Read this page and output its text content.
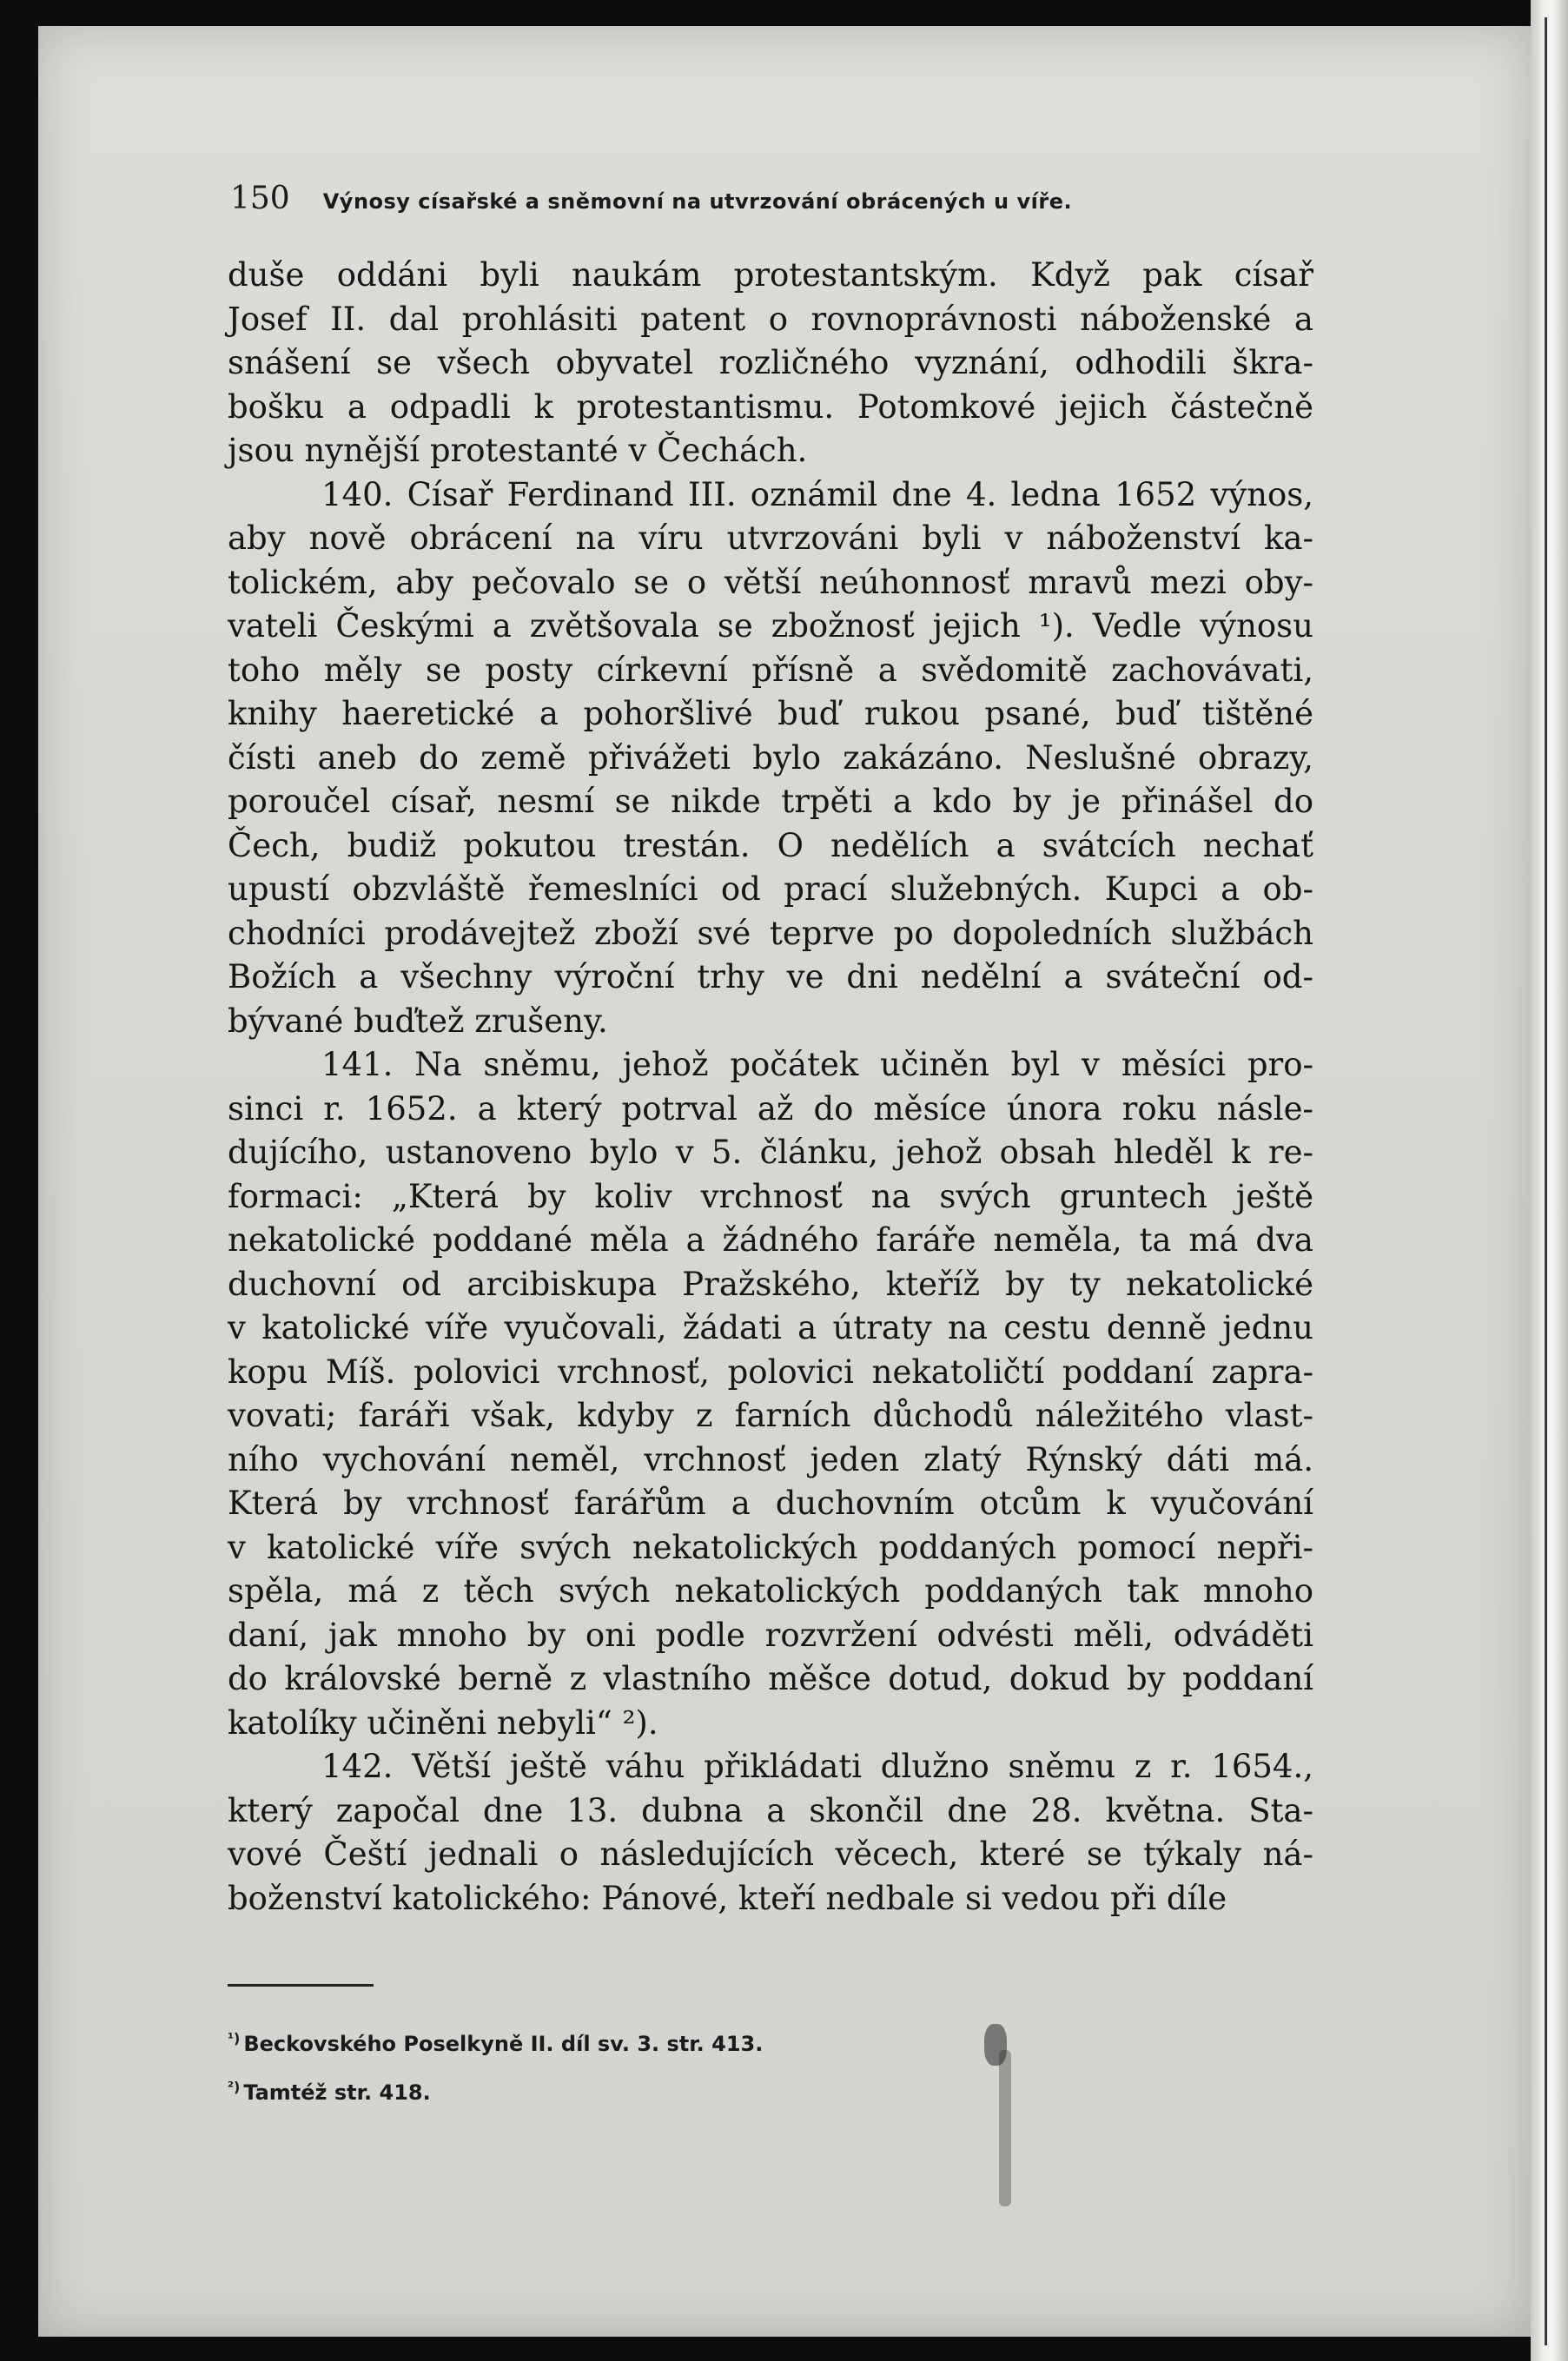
150 Výnosy císařské a sněmovní na utvrzování obrácených u víře.
duše oddáni byli naukám protestantským. Když pak císař
Josef II. dal prohlásiti patent o rovnoprávnosti náboženské a
snášení se všech obyvatel rozličného vyznání, odhodili škra-
bošku a odpadli k protestantismu. Potomkové jejich částečně
jsou nynější protestanté v Čechách.
140. Císař Ferdinand III. oznámil dne 4. ledna 1652 výnos,
aby nově obrácení na víru utvrzováni byli v náboženství ka-
tolickém, aby pečovalo se o větší neúhonnosť mravů mezi oby-
vateli Českými a zvětšovala se zbožnosť jejich ¹). Vedle výnosu
toho měly se posty církevní přísně a svědomitě zachovávati,
knihy haeretické a pohoršlivé buď rukou psané, buď tištěné
čísti aneb do země přivážeti bylo zakázáno. Neslušné obrazy,
poroučel císař, nesmí se nikde trpěti a kdo by je přinášel do
Čech, budiž pokutou trestán. O nedělích a svátcích nechať
upustí obzvláště řemeslníci od prací služebných. Kupci a ob-
chodníci prodávejtež zboží své teprve po dopoledních službách
Božích a všechny výroční trhy ve dni nedělní a sváteční od-
bývané buďtež zrušeny.
141. Na sněmu, jehož počátek učiněn byl v měsíci pro-
sinci r. 1652. a který potrval až do měsíce února roku násle-
dujícího, ustanoveno bylo v 5. článku, jehož obsah hleděl k re-
formaci: „Která by koliv vrchnosť na svých gruntech ještě
nekatolické poddané měla a žádného faráře neměla, ta má dva
duchovní od arcibiskupa Pražského, kteříž by ty nekatolické
v katolické víře vyučovali, žádati a útraty na cestu denně jednu
kopu Míš. polovici vrchnosť, polovici nekatoličtí poddaní zapra-
vovati; faráři však, kdyby z farních důchodů náležitého vlast-
ního vychování neměl, vrchnosť jeden zlatý Rýnský dáti má.
Která by vrchnosť farářům a duchovním otcům k vyučování
v katolické víře svých nekatolických poddaných pomocí nepři-
spěla, má z těch svých nekatolických poddaných tak mnoho
daní, jak mnoho by oni podle rozvržení odvésti měli, odváděti
do královské berně z vlastního měšce dotud, dokud by poddaní
katolíky učiněni nebyli“ ²).
142. Větší ještě váhu přikládati dlužno sněmu z r. 1654.,
který započal dne 13. dubna a skončil dne 28. května. Sta-
vové Čeští jednali o následujících věcech, které se týkaly ná-
boženství katolického: Pánové, kteří nedbale si vedou při díle
$^{^1)}$ Beckovského Poselkyně II. díl sv. 3. str. 413.
$^{^2)}$ Tamtéž str. 418.
